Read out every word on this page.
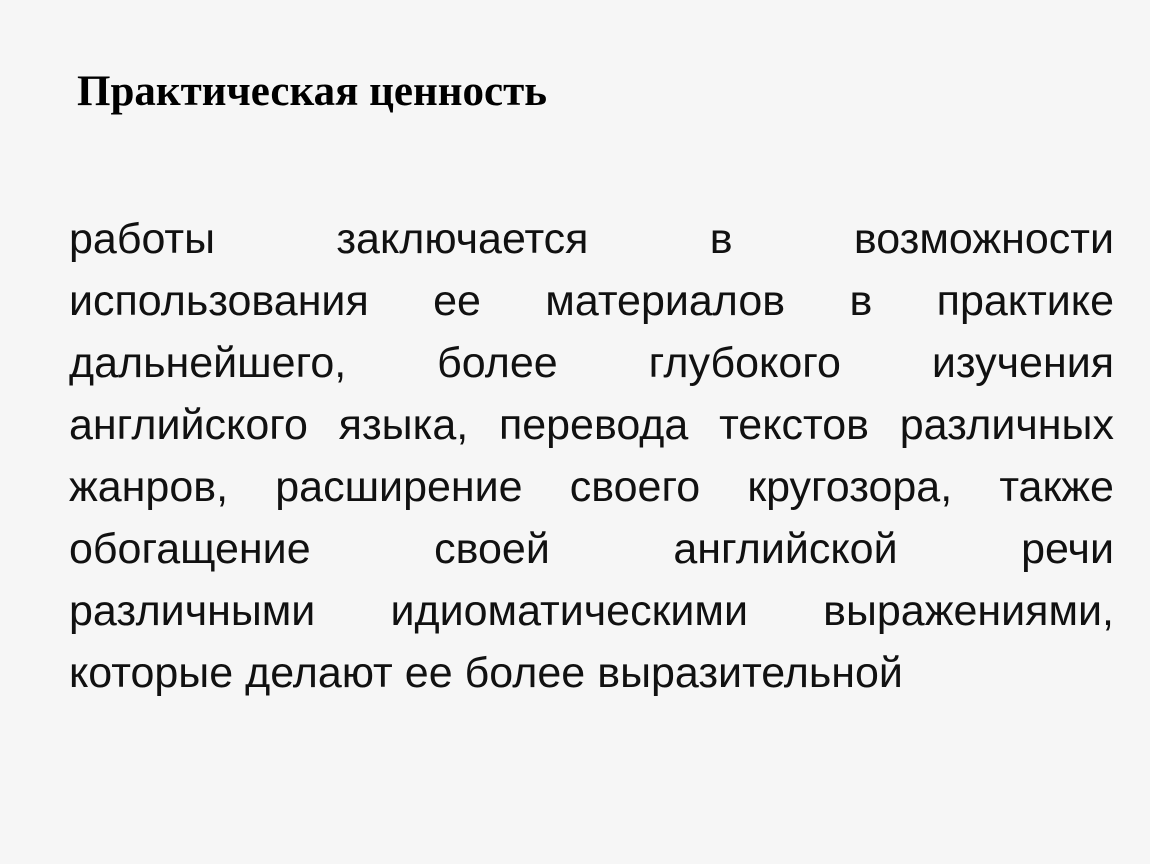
Практическая ценность
работы	заключается	в	возможности
использования ее материалов в практике
дальнейшего, более глубокого изучения
английского языка, перевода текстов различных
жанров, расширение своего кругозора, также
обогащение	своей	английской	речи
различными идиоматическими выражениями,
которые делают ее более выразительной
